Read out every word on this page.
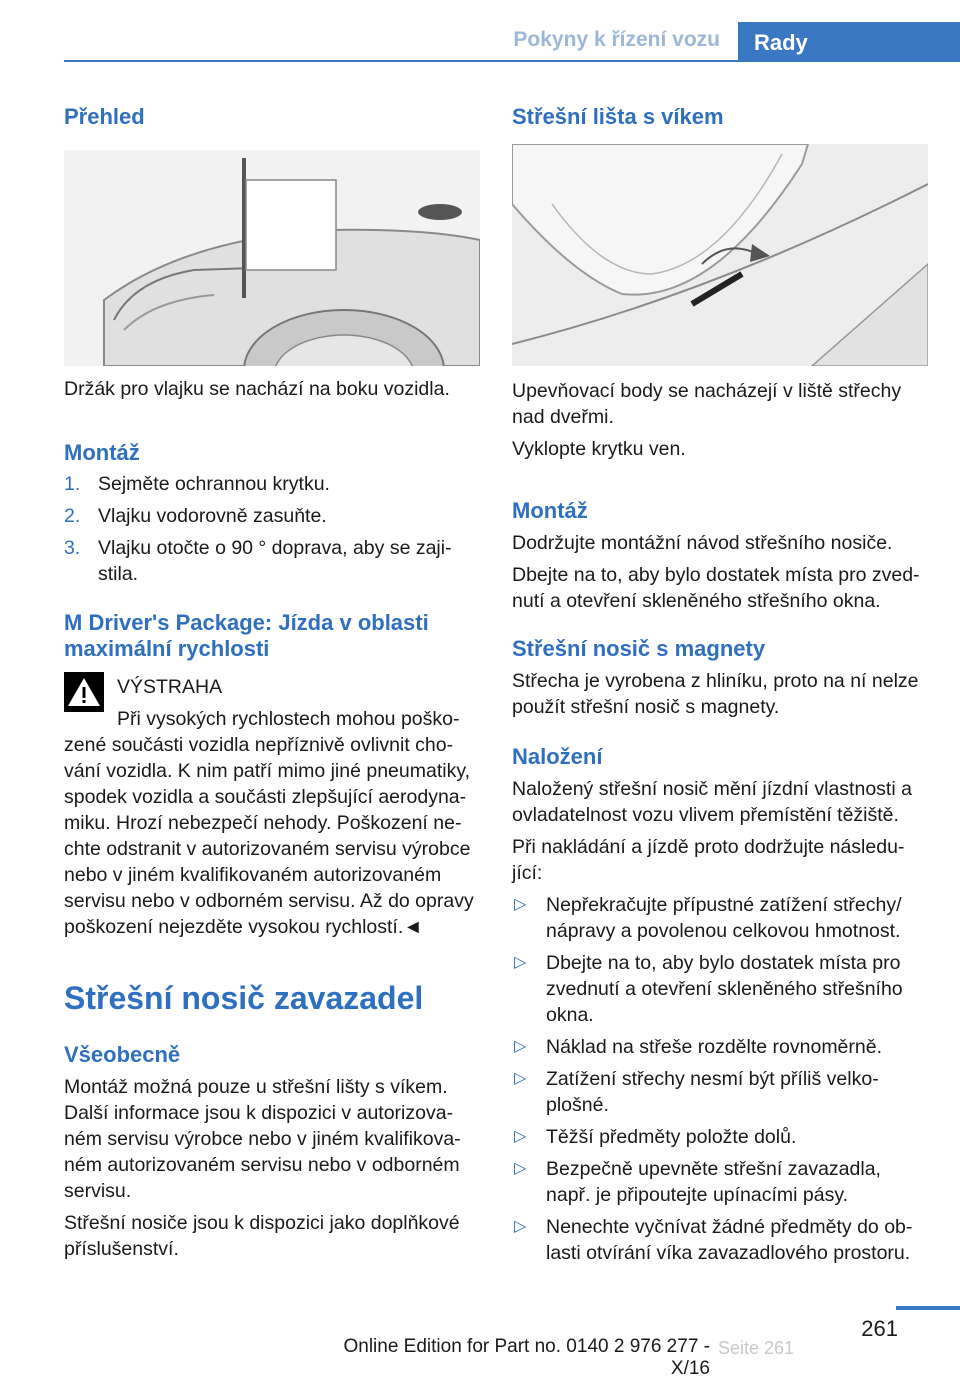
Pokyny k řízení vozu	Rady
Přehled

Držák pro vlajku se nachází na boku vozidla.

Montáž
1. Sejměte ochrannou krytku.
2. Vlajku vodorovně zasuňte.
3. Vlajku otočte o 90 ° doprava, aby se zaji‐
stila.
M Driver's Package: Jízda v oblasti
maximální rychlosti
VÝSTRAHA
Při vysokých rychlostech mohou poško‐
zené součásti vozidla nepříznivě ovlivnit cho‐
vání vozidla. K nim patří mimo jiné pneumatiky,
spodek vozidla a součásti zlepšující aerodyna‐
miku. Hrozí nebezpečí nehody. Poškození ne‐
chte odstranit v autorizovaném servisu výrobce
nebo v jiném kvalifikovaném autorizovaném
servisu nebo v odborném servisu. Až do opravy
poškození nejezděte vysokou rychlostí.◄
Střešní nosič zavazadel
Všeobecně
Montáž možná pouze u střešní lišty s víkem.
Další informace jsou k dispozici v autorizova‐
ném servisu výrobce nebo v jiném kvalifikova‐
ném autorizovaném servisu nebo v odborném
servisu.
Střešní nosiče jsou k dispozici jako doplňkové
příslušenství.
Střešní lišta s víkem
Upevňovací body se nacházejí v liště střechy
nad dveřmi.
Vyklopte krytku ven.
Montáž
Dodržujte montážní návod střešního nosiče.
Dbejte na to, aby bylo dostatek místa pro zved‐
nutí a otevření skleněného střešního okna.
Střešní nosič s magnety
Střecha je vyrobena z hliníku, proto na ní nelze
použít střešní nosič s magnety.
Naložení
Naložený střešní nosič mění jízdní vlastnosti a
ovladatelnost vozu vlivem přemístění těžiště.
Při nakládání a jízdě proto dodržujte následu‐
jící:
▷ Nepřekračujte přípustné zatížení střechy/
nápravy a povolenou celkovou hmotnost.
▷ Dbejte na to, aby bylo dostatek místa pro
zvednutí a otevření skleněného střešního
okna.
▷ Náklad na střeše rozdělte rovnoměrně.
▷ Zatížení střechy nesmí být příliš velko‐
plošné.
▷ Těžší předměty položte dolů.
▷ Bezpečně upevněte střešní zavazadla,
např. je připoutejte upínacími pásy.
▷ Nenechte vyčnívat žádné předměty do ob‐
lasti otvírání víka zavazadlového prostoru.
261
Online Edition for Part no. 0140 2 976 277 - X/16
Seite 261
